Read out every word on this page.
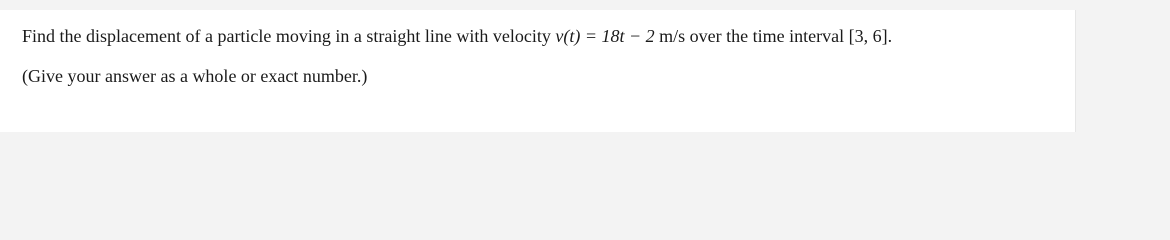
Find the displacement of a particle moving in a straight line with velocity v(t) = 18t − 2 m/s over the time interval [3, 6].
(Give your answer as a whole or exact number.)
